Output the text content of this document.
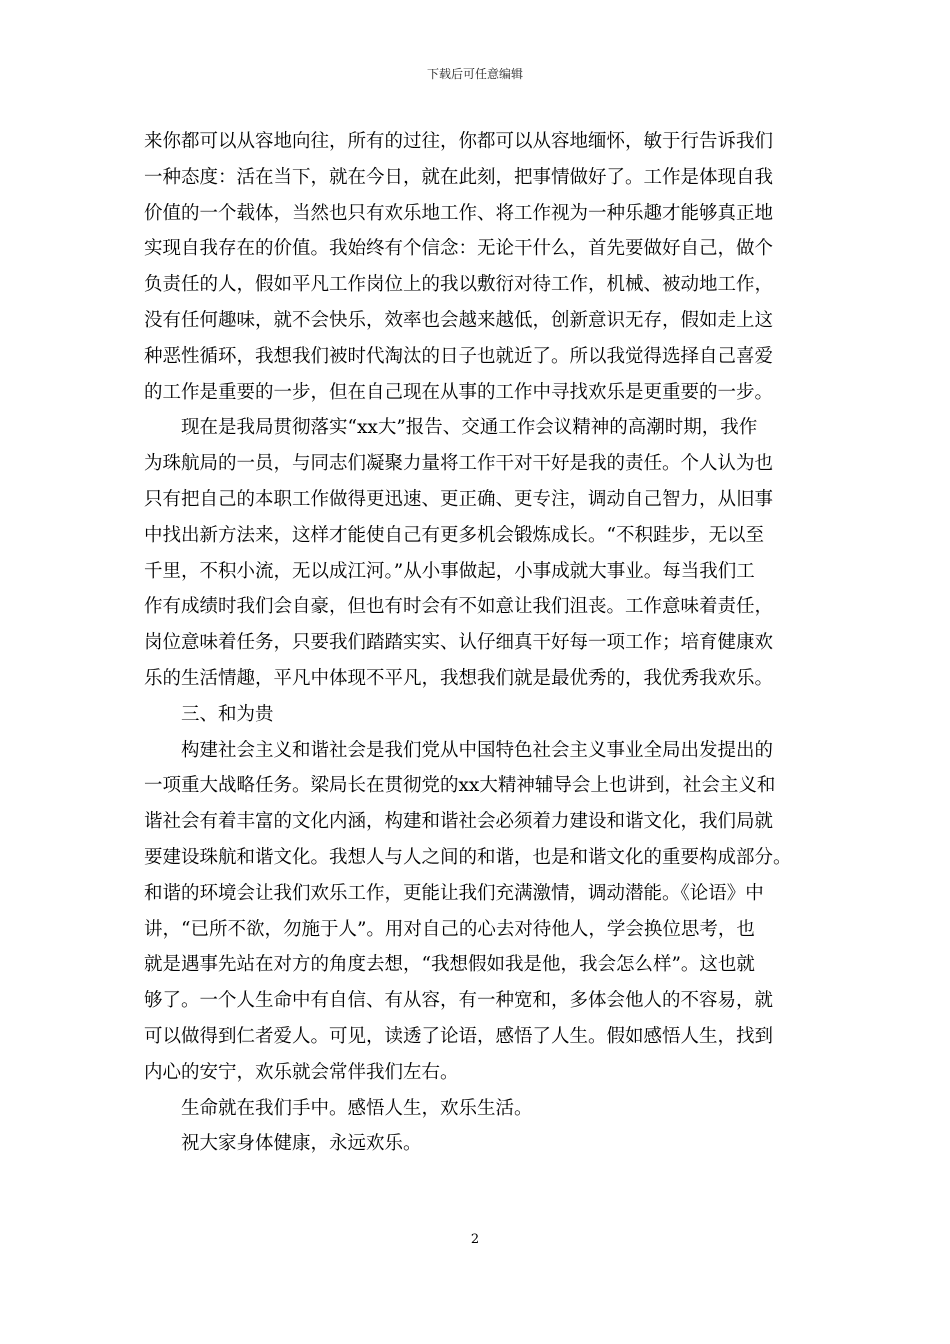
下载后可任意编辑

来你都可以从容地向往，所有的过往，你都可以从容地缅怀，敏于行告诉我们

一种态度：活在当下，就在今日，就在此刻，把事情做好了。工作是体现自我

价值的一个载体，当然也只有欢乐地工作、将工作视为一种乐趣才能够真正地

实现自我存在的价值。我始终有个信念：无论干什么，首先要做好自己，做个

负责任的人，假如平凡工作岗位上的我以敷衍对待工作，机械、被动地工作，

没有任何趣味，就不会快乐，效率也会越来越低，创新意识无存，假如走上这

种恶性循环，我想我们被时代淘汰的日子也就近了。所以我觉得选择自己喜爱

的工作是重要的一步，但在自己现在从事的工作中寻找欢乐是更重要的一步。

　　现在是我局贯彻落实“xx大”报告、交通工作会议精神的高潮时期，我作

为珠航局的一员，与同志们凝聚力量将工作干对干好是我的责任。个人认为也

只有把自己的本职工作做得更迅速、更正确、更专注，调动自己智力，从旧事

中找出新方法来，这样才能使自己有更多机会锻炼成长。“不积跬步，无以至

千里，不积小流，无以成江河。”从小事做起，小事成就大事业。每当我们工

作有成绩时我们会自豪，但也有时会有不如意让我们沮丧。工作意味着责任，

岗位意味着任务，只要我们踏踏实实、认仔细真干好每一项工作；培育健康欢

乐的生活情趣，平凡中体现不平凡，我想我们就是最优秀的，我优秀我欢乐。

　　三、和为贵

　　构建社会主义和谐社会是我们党从中国特色社会主义事业全局出发提出的

一项重大战略任务。梁局长在贯彻党的xx大精神辅导会上也讲到，社会主义和

谐社会有着丰富的文化内涵，构建和谐社会必须着力建设和谐文化，我们局就

要建设珠航和谐文化。我想人与人之间的和谐，也是和谐文化的重要构成部分。

和谐的环境会让我们欢乐工作，更能让我们充满激情，调动潜能。《论语》中

讲，“已所不欲，勿施于人”。用对自己的心去对待他人，学会换位思考，也

就是遇事先站在对方的角度去想，“我想假如我是他，我会怎么样”。这也就

够了。一个人生命中有自信、有从容，有一种宽和，多体会他人的不容易，就

可以做得到仁者爱人。可见，读透了论语，感悟了人生。假如感悟人生，找到

内心的安宁，欢乐就会常伴我们左右。

　　生命就在我们手中。感悟人生，欢乐生活。

　　祝大家身体健康，永远欢乐。

2
